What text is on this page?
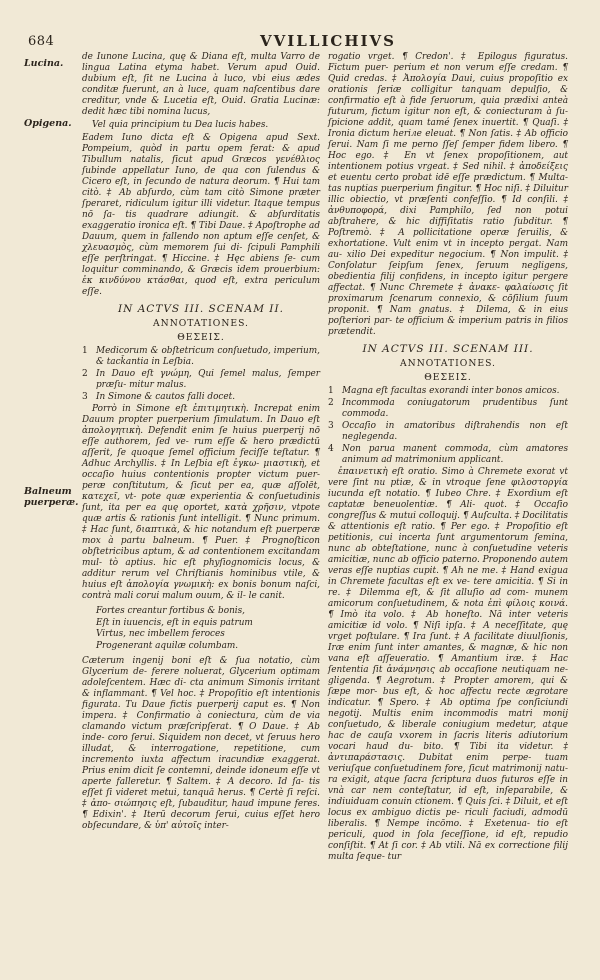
684	VVILLICHIVS
Lucina.
Opigena.
Balneum puerperæ.

de Iunone Lucina, quę & Diana eſt, multa Varro de lingua Latina etyma habet. Verum apud Ouid. dubium eſt, ſit ne Lucina à luco, vbi eius ædes conditæ fuerunt, an à luce, quam naſcentibus dare creditur, vnde & Lucetia eſt, Ouid. Gratia Lucinæ: dedit hæc tibi nomina lucus,

Vel quia principium tu Dea lucis habes.

Eadem Iuno dicta eſt & Opigena apud Sext. Pompeium, quòd in partu opem ferat: & apud Tibullum natalis, ſicut apud Græcos γενέθλιος ſubinde appellatur Iuno, de qua con ſulendus & Cicero eſt, in ſecundo de natura deorum. ¶ Hui tam citò. ‡ Ab abſurdo, cùm tam citò Simone præter ſperaret, ridiculum igitur illi videtur. Itaque tempus nō ſa- tis quadrare adiungit. & abſurditatis exaggeratio ironica eſt. ¶ Tibi Daue. ‡ Apoſtrophe ad Dauum, quem in fallendo non aptum eſſe cenſet, & χλευασμὸς, cùm memorem ſui di- ſcipuli Pamphili eſſe perſtringat. ¶ Hiccine. ‡ Hęc abiens ſe- cum loquitur comminando, & Græcis idem prouerbium: ἐκ κινδύνου κτάσθαι, quod eſt, extra periculum eſſe.

IN ACTVS III. SCENAM II.
ANNOTATIONES.
ΘΕΣΕΙΣ.
1 Medicorum & obſtetricum conſuetudo, imperium, & tacǩantia in Leſbia.
2 In Dauo eſt γνώμη, Qui ſemel malus, ſemper præſu- mitur malus.
3 In Simone & cautos falli docet.

Porrò in Simone eſt ἐπιτιμητικὴ. Increpat enim Dauum propter puerperium ſimulatum. In Dauo eſt ἀπολογητικὴ. Defendit enim ſe huius puerperij nō eſſe authorem, ſed ve- rum eſſe & hero prædictū aſſerit, ſe quoque ſemel officium feciſſe teſtatur. ¶ Adhuc Archyllis. ‡ In Leſbia eſt ἐγκω- μιαστικὴ, et occaſio huius contentionis propter victum puer- peræ conſtitutum, & ſicut per ea, quæ aſſolēt, κατεχεῖ, vt- pote quæ experientia & conſuetudinis ſunt, ita per ea quę oportet, κατὰ χρῆσιν, vtpote quæ artis & rationis ſunt intelligit. ¶ Nunc primum. ‡ Hac ſunt, διαπτικὰ, & hic notandum eſt puerperæ mox à partu balneum. ¶ Puer. ‡ Prognoſticon obſtetricibus aptum, & ad contentionem excitandam mul- tò aptius. hic eſt phyſiognomicis locus, & additur rerum vel Chriſtianis hominibus vtile, & huius eſt ἀπολογία γνωμικὴ: ex bonis bonum naſci, contrà mali corui malum ouum, & il- le canit.

Fortes creantur fortibus & bonis,
Eſt in iuuencis, eſt in equis patrum
Virtus, nec imbellem feroces
Progenerant aquilæ columbam.

Cæterum ingenij boni eſt & ſua notatio, cùm Glycerium de- ferere noluerat, Glycerium optimam adoleſcentem. Hæc di- cta animum Simonis irritant & inflammant. ¶ Vel hoc. ‡ Propoſitio eſt intentionis figurata. Tu Daue fictis puerperij caput es. ¶ Non impera. ‡ Confirmatio à coniectura, cùm de via clamando victum præſcripſerat. ¶ O Daue. ‡ Ab inde- coro ſerui. Siquidem non decet, vt ſeruus hero illudat, & interrogatione, repetitione, cum incremento iuxta affectum iracundiæ exaggerat. Prius enim dicit ſe contemni, deinde idoneum eſſe vt aperte falleretur. ¶ Saltem. ‡ A decoro. Id ſa- tis eſſet ſi videret metui, tanquā herus. ¶ Certè ſi reſci. ‡ ἀπο- σιώπησις eſt, ſubauditur, haud impune feres. ¶ Edixin'. ‡ Iterū decorum ſerui, cuius eſſet hero obſecundare, & ὑπ' αὐτοῖς inter-

rogatio vrget. ¶ Credon'. ‡ Epilogus figuratus. Fictum puer- perium et non verum eſſe credam. ¶ Quid credas. ‡ Ἀπολογία Daui, cuius propoſitio ex orationis ſeriæ colligitur tanquam depulſio, & confirmatio eſt à fide ſeruorum, quia prædixi anteà futurum, fictum igitur non eſt, & coniecturam à ſu- ſpicione addit, quam tamé ſenex inuertit. ¶ Quaſi. ‡ Ironia dictum heriле eleuat. ¶ Non ſatis. ‡ Ab officio ſerui. Nam ſi me perno ſſeſ ſemper fidem libero. ¶ Hoc ego. ‡ En vt ſenex propoſitionem, aut intentionem potius vrgeat. ‡ Sed nihil. ‡ ἀποδείξεις et euentu certo probat idē eſſe prædictum. ¶ Multa- tas nuptias puerperium fingitur. ¶ Hoc niſi. ‡ Diluitur illic obiectio, vt præſenti confeſſio. ¶ Id conſili. ‡ ἀνθυποφορά, dixi Pamphilo, ſed non potui abſtrahere, & hic diffiſitatis ratio ſubditur. ¶ Poſtremò. ‡ A pollicitatione operæ ſeruilis, & exhortatione. Vult enim vt in incepto pergat. Nam au- xilio Dei expeditur negocium. ¶ Non impulit. ‡ Conſolatur ſeipſum ſenex, ſeruum negligens, obedientia filij confidens, in incepto igitur pergere affectat. ¶ Nunc Chremete ‡ ἀνακε- φαλαίωσις ſit proximarum ſcenarum connexio, & cōſilium ſuum proponit. ¶ Nam gnatus. ‡ Dilema, & in eius poſteriori par- te officium & imperium patris in filios prætendit.

IN ACTVS III. SCENAM III.
ANNOTATIONES.
ΘΕΣΕΙΣ.
1 Magna eſt facultas exorandi inter bonos amicos.
2 Incommoda coniugatorum prudentibus ſunt commoda.
3 Occaſio in amatoribus diſtrahendis non eſt neglegenda.
4 Non parua manent commoda, cùm amatores animum ad matrimonium applicant.

ἐπαινετικὴ eſt oratio. Simo à Chremete exorat vt vere ſint nu ptiæ, & in vtroque ſene φιλοστοργία iucunda eſt notatio. ¶ Iubeo Chre. ‡ Exordium eſt captatæ beneuolentiæ. ¶ Ali- quot. ‡ Occaſio congreſſus & mutui colloquij. ¶ Auſculta. ‡ Docilitatis & attentionis eſt ratio. ¶ Per ego. ‡ Propoſitio eſt petitionis, cui incerta ſunt argumentorum ſemina, nunc ab obteſtatione, nunc à conſuetudine veteris amicitiæ, nunc ab officio paterno. Proponendo autem veras eſſe nuptias cupit. ¶ Ah ne me. ‡ Hand exigua in Chremete facultas eſt ex ve- tere amicitia. ¶ Si in re. ‡ Dilemma eſt, & ſit alluſio ad com- munem amicorum conſuetudinem, & nota ἐπὶ φίλοις κοινά. ¶ Imò ita volo. ‡ Ab honeſto. Nā inter veteris amicitiæ id volo. ¶ Niſi ipſa. ‡ A neceſſitate, quę vrget poſtulare. ¶ Ira ſunt. ‡ A facilitate diuulſionis, Iræ enim ſunt inter amantes, & magnæ, & hic non vana eſt aſſeueratio. ¶ Amantium iræ. ‡ Hac ſententia ſit ἀνάμνησις ab occaſione neutiquam ne- gligenda. ¶ Aegrotum. ‡ Propter amorem, qui & ſæpe mor- bus eſt, & hoc affectu recte ægrotare indicatur. ¶ Spero. ‡ Ab optima ſpe conſiciundi negotij. Multis enim incommodis matri monij conſuetudo, & liberale coniugium medetur, atque hac de cauſa vxorem in ſacris literis adiutorium vocari haud du- bito. ¶ Tibi ita videtur. ‡ ἀντιπαράστασις. Dubitat enim perpe- tuam veriuſque conſuetudinem fore, ſicut matrimonij natu- ra exigit, atque ſacra ſcriptura duos futuros eſſe in vnà car nem conteſtatur, id eſt, inſeparabile, & indiuiduam conuin ctionem. ¶ Quis ſci. ‡ Diluit, et eſt locus ex ambiguo dictis pe- riculi faciudi, admodū liberalis. ¶ Nempe incōmo. ‡ Exetenua- tio eſt periculi, quod in ſola ſeceſſione, id eſt, repudio conſiſtit. ¶ At ſi cor. ‡ Ab vtili. Nā ex correctione filij multa ſeque- tur
